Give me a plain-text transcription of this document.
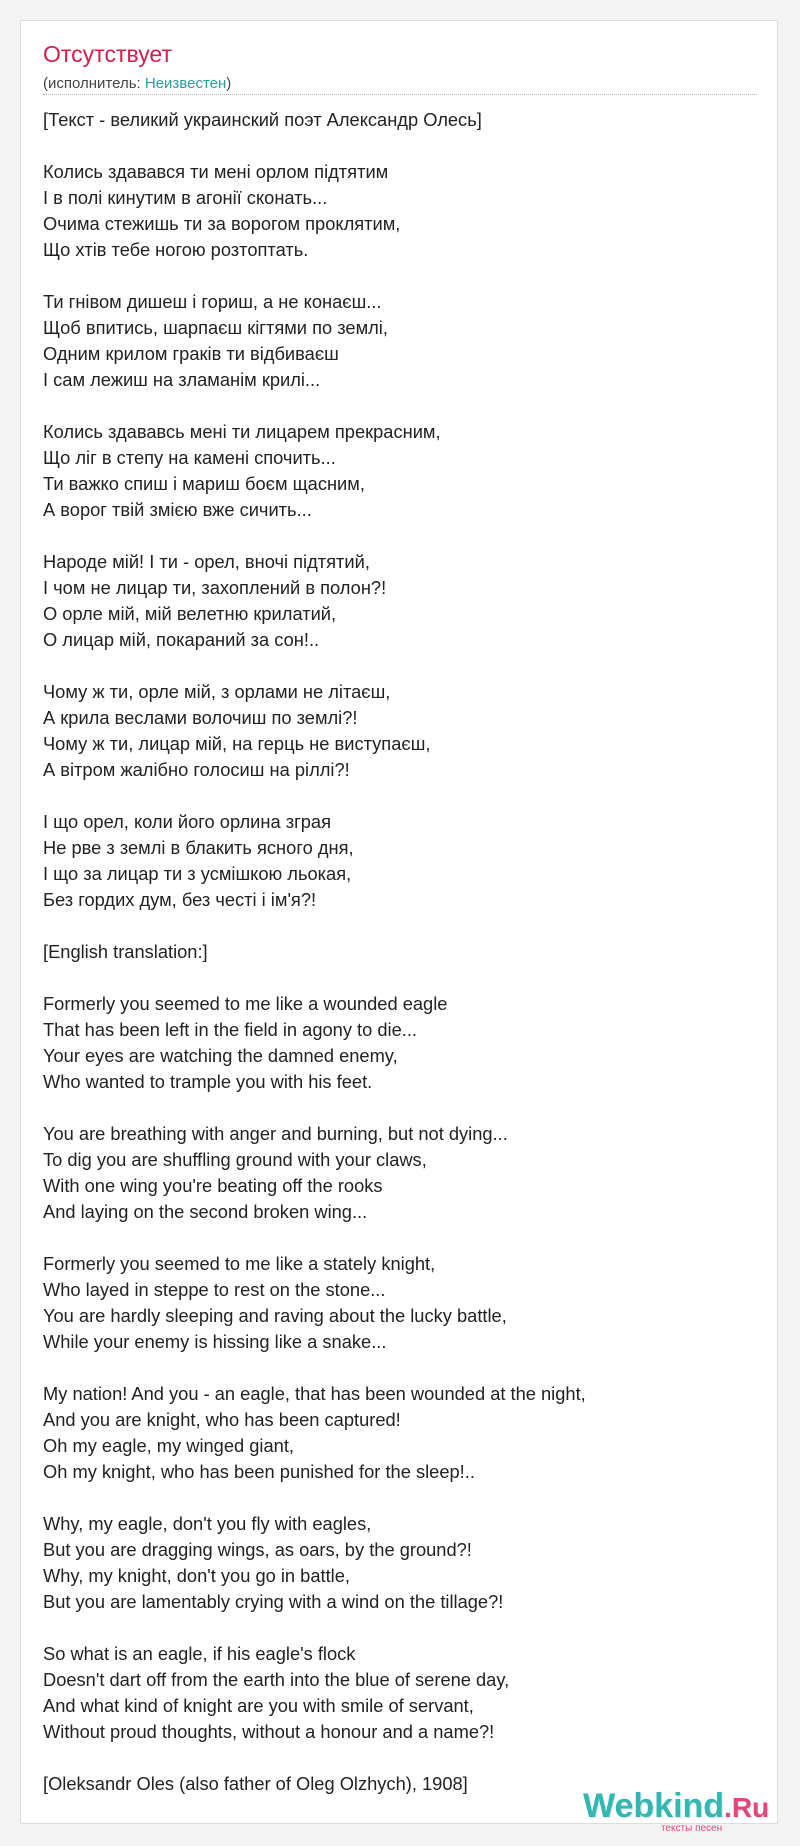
Отсутствует
(исполнитель: Неизвестен)
[Текст - великий украинский поэт Александр Олесь]
Колись здавався ти мені орлом підтятим
І в полі кинутим в агонії сконать...
Очима стежишь ти за ворогом проклятим,
Що хтів тебе ногою розтоптать.
Ти гнівом дишеш і гориш, а не конаєш...
Щоб впитись, шарпаєш кігтями по землі,
Одним крилом граків ти відбиваєш
І сам лежиш на зламанім крилі...
Колись здававсь мені ти лицарем прекрасним,
Що ліг в степу на камені спочить...
Ти важко спиш і мариш боєм щасним,
А ворог твій змією вже сичить...
Народе мій! І ти - орел, вночі підтятий,
І чом не лицар ти, захоплений в полон?!
О орле мій, мій велетню крилатий,
О лицар мій, покараний за сон!..
Чому ж ти, орле мій, з орлами не літаєш,
А крила веслами волочиш по землі?!
Чому ж ти, лицар мій, на герць не виступаєш,
А вітром жалібно голосиш на ріллі?!
І що орел, коли його орлина зграя
Не рве з землі в блакить ясного дня,
І що за лицар ти з усмішкою льокая,
Без гордих дум, без честі і ім'я?!
[English translation:]
Formerly you seemed to me like a wounded eagle
That has been left in the field in agony to die...
Your eyes are watching the damned enemy,
Who wanted to trample you with his feet.
You are breathing with anger and burning, but not dying...
To dig you are shuffling ground with your claws,
With one wing you're beating off the rooks
And laying on the second broken wing...
Formerly you seemed to me like a stately knight,
Who layed in steppe to rest on the stone...
You are hardly sleeping and raving about the lucky battle,
While your enemy is hissing like a snake...
My nation! And you - an eagle, that has been wounded at the night,
And you are knight, who has been captured!
Oh my eagle, my winged giant,
Oh my knight, who has been punished for the sleep!..
Why, my eagle, don't you fly with eagles,
But you are dragging wings, as oars, by the ground?!
Why, my knight, don't you go in battle,
But you are lamentably crying with a wind on the tillage?!
So what is an eagle, if his eagle's flock
Doesn't dart off from the earth into the blue of serene day,
And what kind of knight are you with smile of servant,
Without proud thoughts, without a honour and a name?!
[Oleksandr Oles (also father of Oleg Olzhych), 1908]
Webkind.Ru
тексты песен
